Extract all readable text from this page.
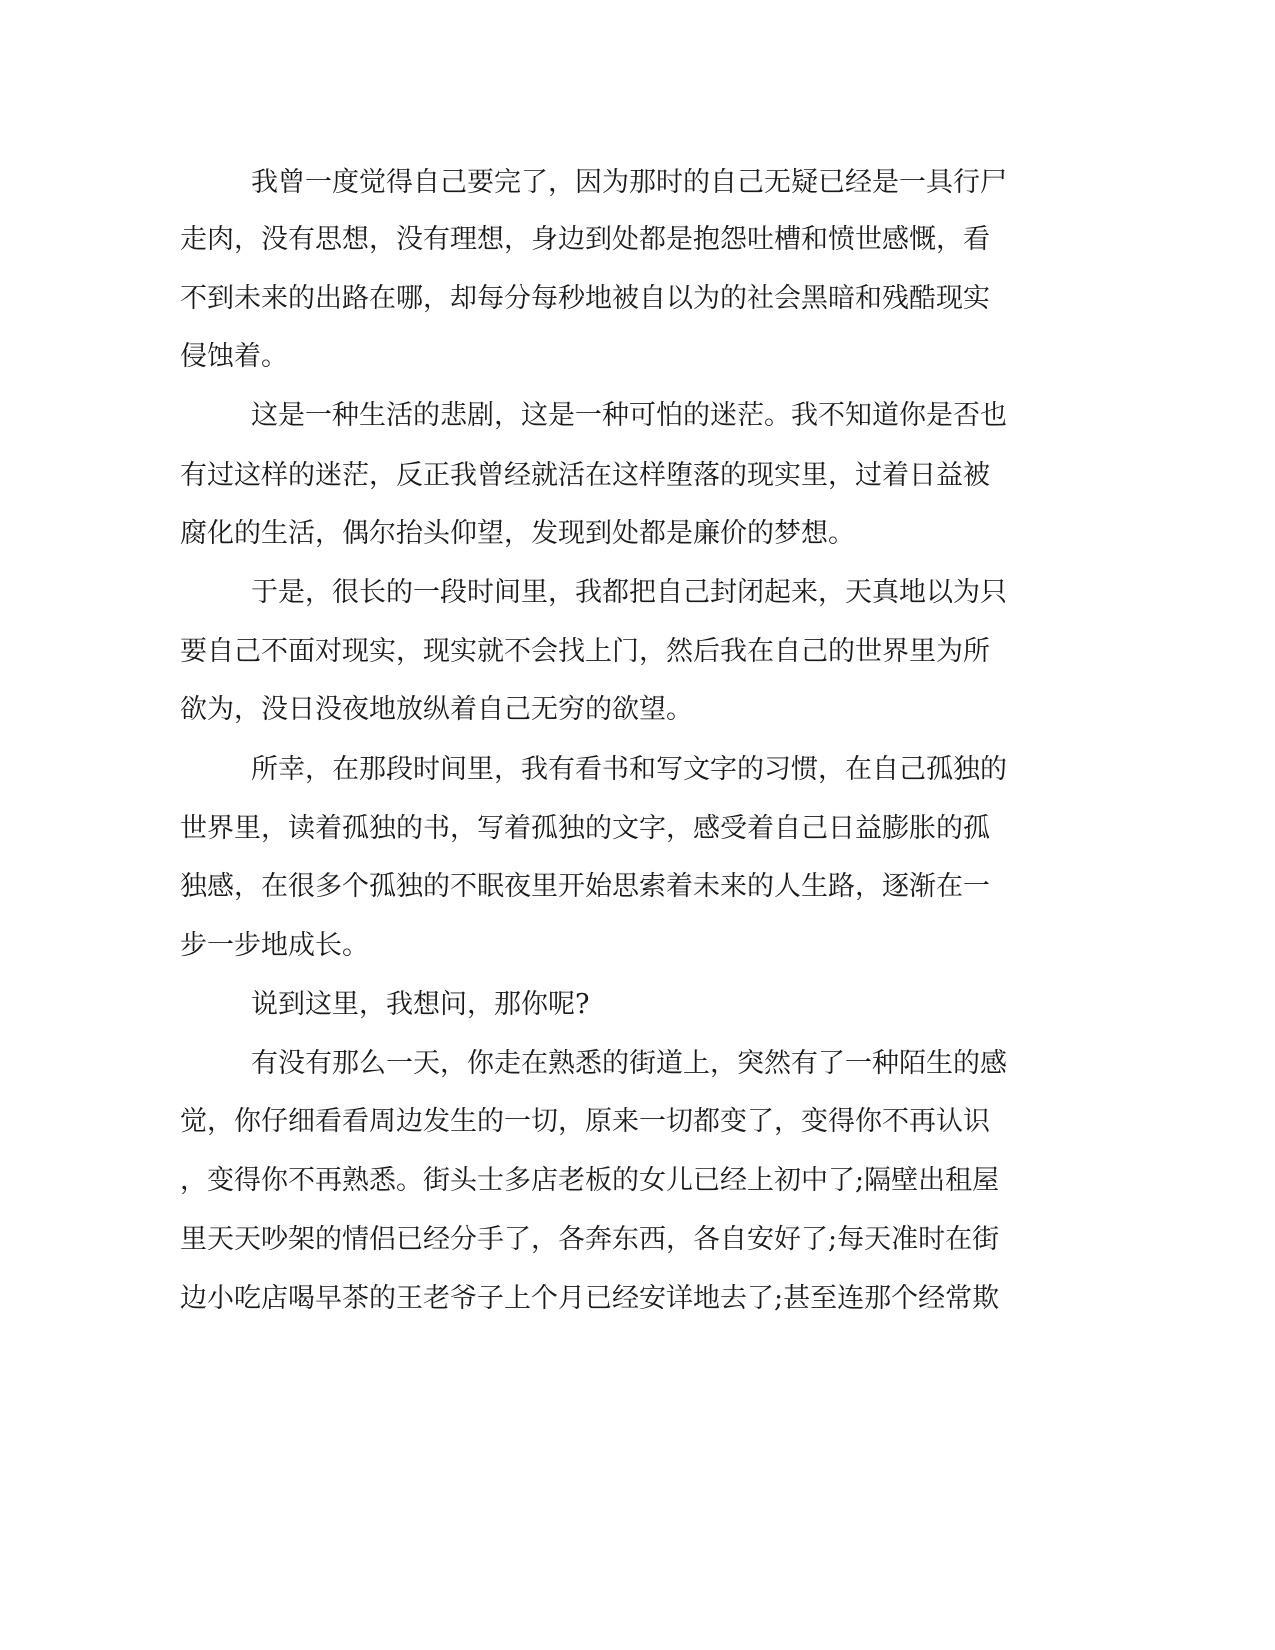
我曾一度觉得自己要完了，因为那时的自己无疑已经是一具行尸
走肉，没有思想，没有理想，身边到处都是抱怨吐槽和愤世感慨，看
不到未来的出路在哪，却每分每秒地被自以为的社会黑暗和残酷现实
侵蚀着。
这是一种生活的悲剧，这是一种可怕的迷茫。我不知道你是否也
有过这样的迷茫，反正我曾经就活在这样堕落的现实里，过着日益被
腐化的生活，偶尔抬头仰望，发现到处都是廉价的梦想。
于是，很长的一段时间里，我都把自己封闭起来，天真地以为只
要自己不面对现实，现实就不会找上门，然后我在自己的世界里为所
欲为，没日没夜地放纵着自己无穷的欲望。
所幸，在那段时间里，我有看书和写文字的习惯，在自己孤独的
世界里，读着孤独的书，写着孤独的文字，感受着自己日益膨胀的孤
独感，在很多个孤独的不眠夜里开始思索着未来的人生路，逐渐在一
步一步地成长。
说到这里，我想问，那你呢?
有没有那么一天，你走在熟悉的街道上，突然有了一种陌生的感
觉，你仔细看看周边发生的一切，原来一切都变了，变得你不再认识
，变得你不再熟悉。街头士多店老板的女儿已经上初中了;隔壁出租屋
里天天吵架的情侣已经分手了，各奔东西，各自安好了;每天准时在街
边小吃店喝早茶的王老爷子上个月已经安详地去了;甚至连那个经常欺
